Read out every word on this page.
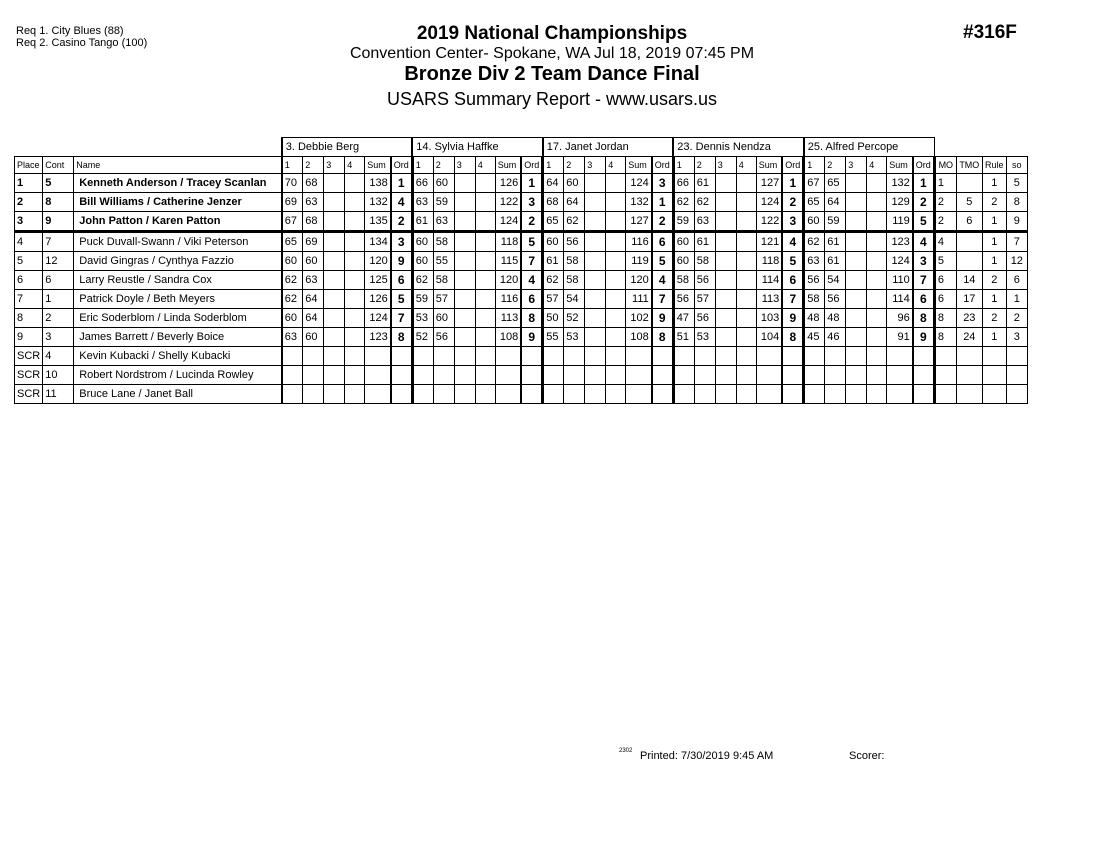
Req 1. City Blues (88)
Req 2. Casino Tango (100)	#316F
2019 National Championships
Convention Center- Spokane, WA Jul 18, 2019 07:45 PM
Bronze Div 2 Team Dance Final
USARS Summary Report - www.usars.us
			3. Debbie Berg						14. Sylvia Haffke						17. Janet Jordan						23. Dennis Nendza						25. Alfred Percope									
Place	Cont	Name	1	2	3	4	Sum	Ord	1	2	3	4	Sum	Ord	1	2	3	4	Sum	Ord	1	2	3	4	Sum	Ord	1	2	3	4	Sum	Ord	MO	TMO	Rule	so
1	5	Kenneth Anderson / Tracey Scanlan	70	68			138	1	66	60			126	1	64	60			124	3	66	61			127	1	67	65			132	1	1		1	5
2	8	Bill Williams / Catherine Jenzer	69	63			132	4	63	59			122	3	68	64			132	1	62	62			124	2	65	64			129	2	2	5	2	8
3	9	John Patton / Karen Patton	67	68			135	2	61	63			124	2	65	62			127	2	59	63			122	3	60	59			119	5	2	6	1	9
4	7	Puck Duvall-Swann / Viki Peterson	65	69			134	3	60	58			118	5	60	56			116	6	60	61			121	4	62	61			123	4	4		1	7
5	12	David Gingras / Cynthya Fazzio	60	60			120	9	60	55			115	7	61	58			119	5	60	58			118	5	63	61			124	3	5		1	12
6	6	Larry Reustle / Sandra Cox	62	63			125	6	62	58			120	4	62	58			120	4	58	56			114	6	56	54			110	7	6	14	2	6
7	1	Patrick Doyle / Beth Meyers	62	64			126	5	59	57			116	6	57	54			111	7	56	57			113	7	58	56			114	6	6	17	1	1
8	2	Eric Soderblom / Linda Soderblom	60	64			124	7	53	60			113	8	50	52			102	9	47	56			103	9	48	48			96	8	8	23	2	2
9	3	James Barrett / Beverly Boice	63	60			123	8	52	56			108	9	55	53			108	8	51	53			104	8	45	46			91	9	8	24	1	3
SCR	4	Kevin Kubacki / Shelly Kubacki																																		
SCR	10	Robert Nordstrom / Lucinda Rowley																																		
SCR	11	Bruce Lane / Janet Ball																																		
2302 Printed: 7/30/2019 9:45 AM	Scorer:
